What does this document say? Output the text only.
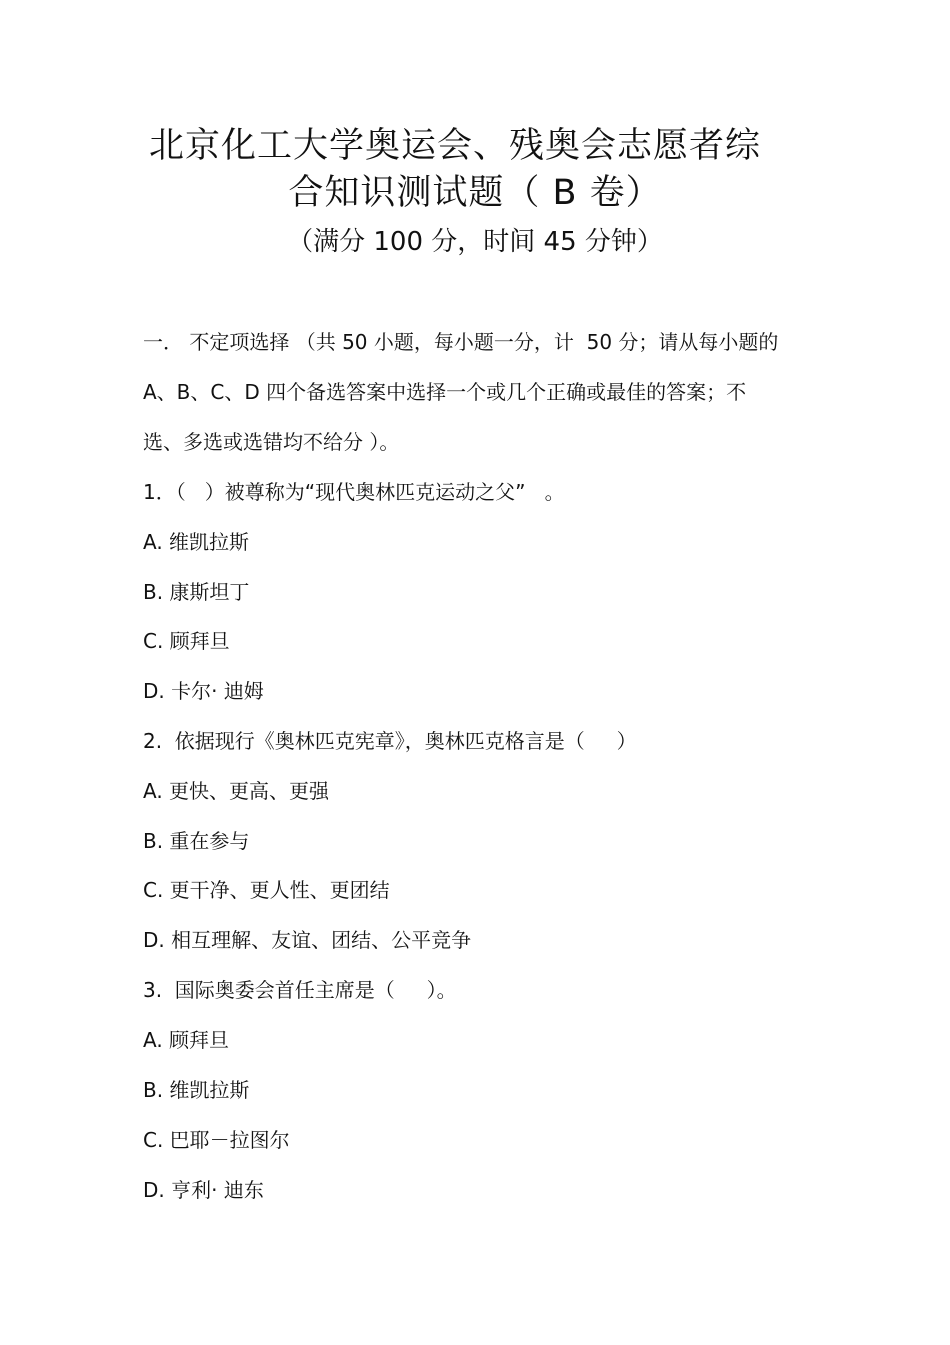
北京化工大学奥运会、残奥会志愿者综
合知识测试题（ B 卷）
（满分 100 分，时间 45 分钟）
一． 不定项选择 （共 50 小题，每小题一分，计  50 分；请从每小题的
A、B、C、D 四个备选答案中选择一个或几个正确或最佳的答案；不
选、多选或选错均不给分 ）。
1．（   ）被尊称为“现代奥林匹克运动之父”   。
A. 维凯拉斯
B. 康斯坦丁
C. 顾拜旦
D. 卡尔· 迪姆
2.  依据现行《奥林匹克宪章》，奥林匹克格言是（     ）
A. 更快、更高、更强
B. 重在参与
C. 更干净、更人性、更团结
D. 相互理解、友谊、团结、公平竞争
3.  国际奥委会首任主席是（     ）。
A. 顾拜旦
B. 维凯拉斯
C. 巴耶－拉图尔
D. 亨利· 迪东
